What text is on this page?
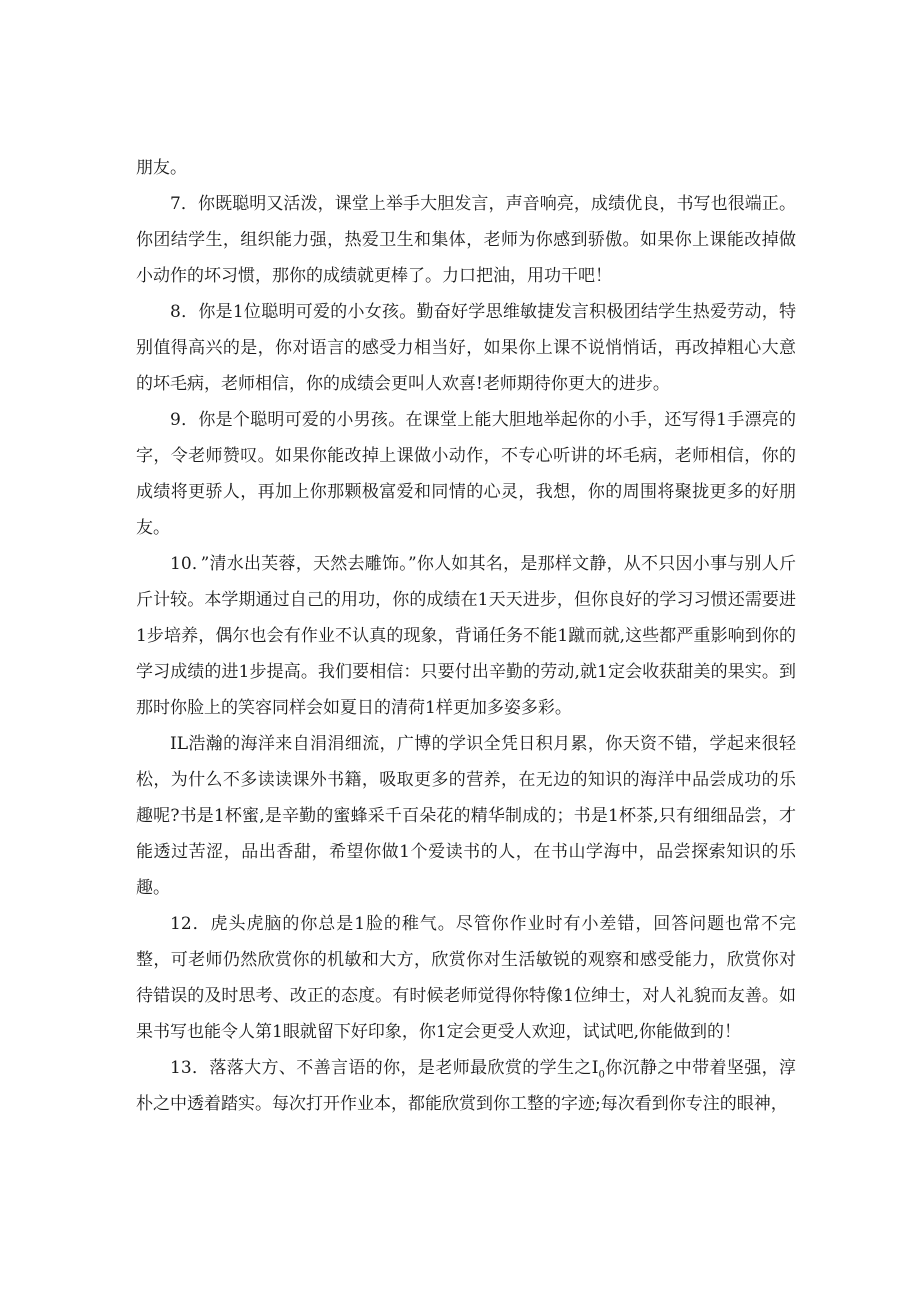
朋友。

7．你既聪明又活泼，课堂上举手大胆发言，声音响亮，成绩优良，书写也很端正。你团结学生，组织能力强，热爱卫生和集体，老师为你感到骄傲。如果你上课能改掉做小动作的坏习惯，那你的成绩就更棒了。力口把油，用功干吧！

8．你是1位聪明可爱的小女孩。勤奋好学思维敏捷发言积极团结学生热爱劳动，特别值得高兴的是，你对语言的感受力相当好，如果你上课不说悄悄话，再改掉粗心大意的坏毛病，老师相信，你的成绩会更叫人欢喜!老师期待你更大的进步。

9．你是个聪明可爱的小男孩。在课堂上能大胆地举起你的小手，还写得1手漂亮的字，令老师赞叹。如果你能改掉上课做小动作，不专心听讲的坏毛病，老师相信，你的成绩将更骄人，再加上你那颗极富爱和同情的心灵，我想，你的周围将聚拢更多的好朋友。

10．”清水出芙蓉，天然去雕饰。”你人如其名，是那样文静，从不只因小事与别人斤斤计较。本学期通过自己的用功，你的成绩在1天天进步，但你良好的学习习惯还需要进1步培养，偶尔也会有作业不认真的现象，背诵任务不能1蹴而就,这些都严重影响到你的学习成绩的进1步提高。我们要相信：只要付出辛勤的劳动,就1定会收获甜美的果实。到那时你脸上的笑容同样会如夏日的清荷1样更加多姿多彩。

IL浩瀚的海洋来自涓涓细流，广博的学识全凭日积月累，你天资不错，学起来很轻松，为什么不多读读课外书籍，吸取更多的营养，在无边的知识的海洋中品尝成功的乐趣呢?书是1杯蜜,是辛勤的蜜蜂采千百朵花的精华制成的；书是1杯茶,只有细细品尝，才能透过苦涩，品出香甜，希望你做1个爱读书的人，在书山学海中，品尝探索知识的乐趣。

12．虎头虎脑的你总是1脸的稚气。尽管你作业时有小差错，回答问题也常不完整，可老师仍然欣赏你的机敏和大方，欣赏你对生活敏锐的观察和感受能力，欣赏你对待错误的及时思考、改正的态度。有时候老师觉得你特像1位绅士，对人礼貌而友善。如果书写也能令人第1眼就留下好印象，你1定会更受人欢迎，试试吧,你能做到的！

13．落落大方、不善言语的你，是老师最欣赏的学生之$I_0$你沉静之中带着坚强，淳朴之中透着踏实。每次打开作业本，都能欣赏到你工整的字迹;每次看到你专注的眼神，
